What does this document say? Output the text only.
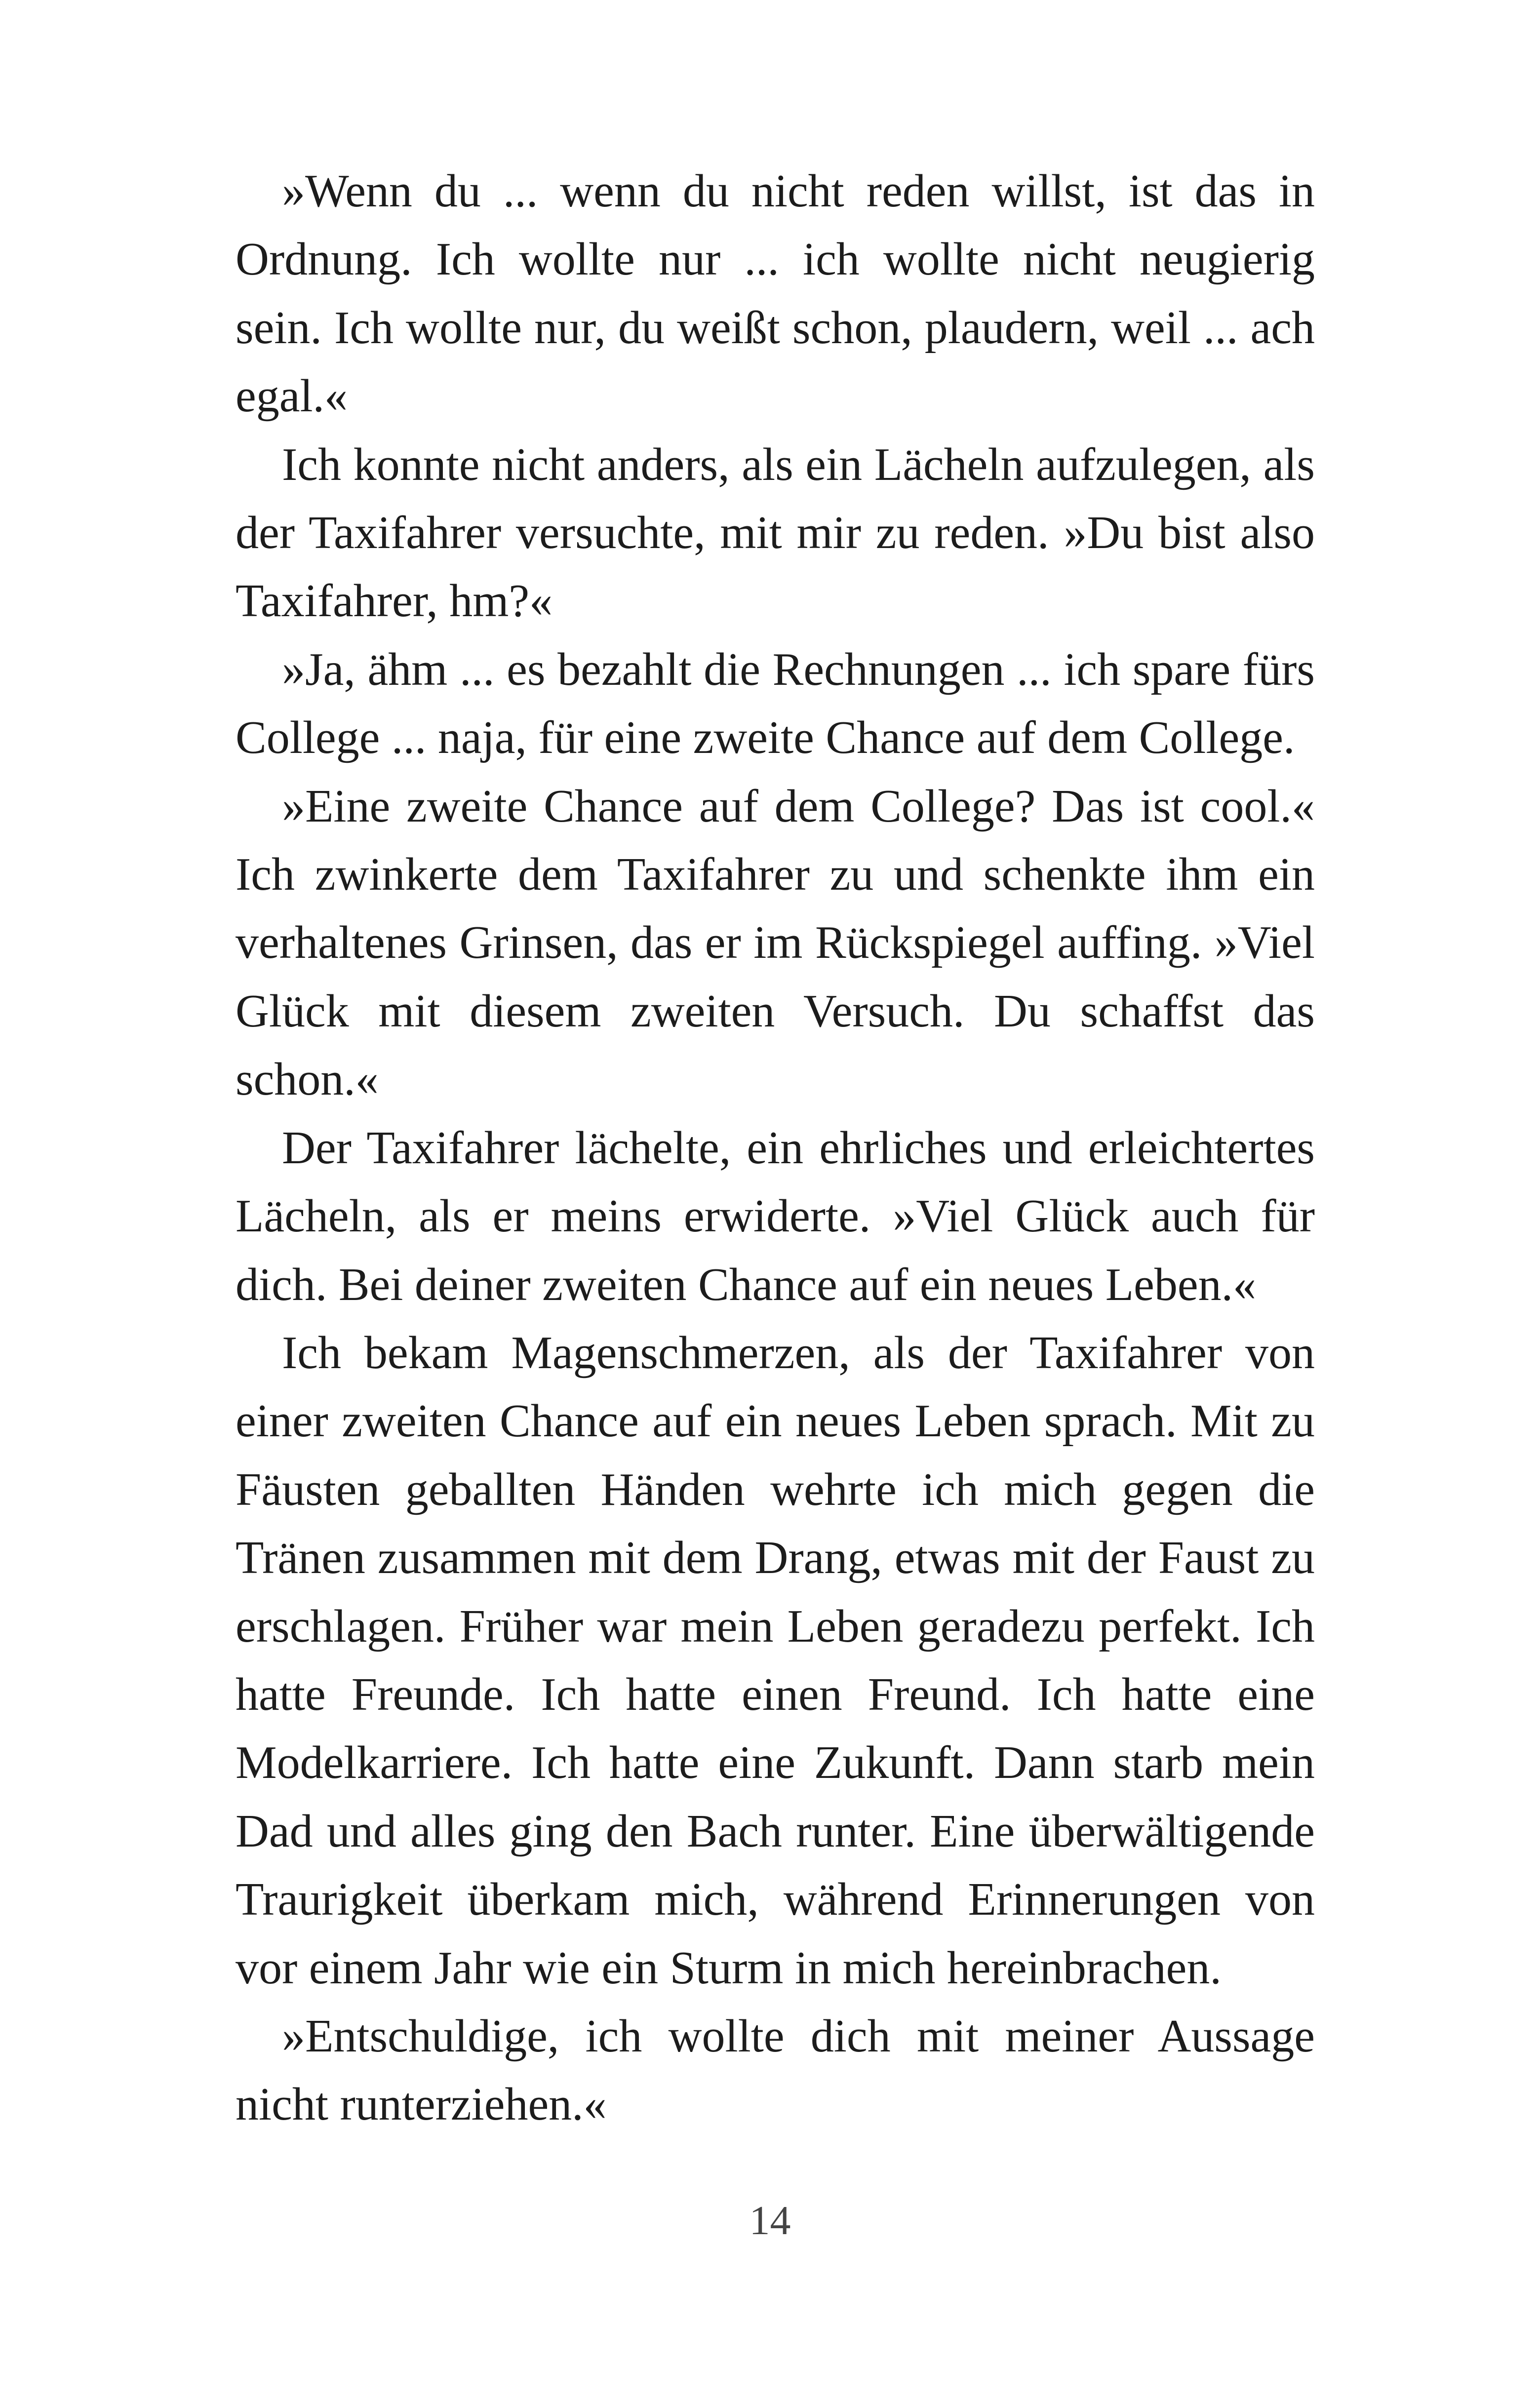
»Wenn du ... wenn du nicht reden willst, ist das in Ordnung. Ich wollte nur ... ich wollte nicht neugierig sein. Ich wollte nur, du weißt schon, plaudern, weil ... ach egal.«

Ich konnte nicht anders, als ein Lächeln aufzulegen, als der Taxifahrer versuchte, mit mir zu reden. »Du bist also Taxifahrer, hm?«

»Ja, ähm ... es bezahlt die Rechnungen ... ich spare fürs College ... naja, für eine zweite Chance auf dem College.

»Eine zweite Chance auf dem College? Das ist cool.« Ich zwinkerte dem Taxifahrer zu und schenkte ihm ein verhaltenes Grinsen, das er im Rückspiegel auffing. »Viel Glück mit diesem zweiten Versuch. Du schaffst das schon.«

Der Taxifahrer lächelte, ein ehrliches und erleichtertes Lächeln, als er meins erwiderte. »Viel Glück auch für dich. Bei deiner zweiten Chance auf ein neues Leben.«

Ich bekam Magenschmerzen, als der Taxifahrer von einer zweiten Chance auf ein neues Leben sprach. Mit zu Fäusten geballten Händen wehrte ich mich gegen die Tränen zusammen mit dem Drang, etwas mit der Faust zu erschlagen. Früher war mein Leben geradezu perfekt. Ich hatte Freunde. Ich hatte einen Freund. Ich hatte eine Modelkarriere. Ich hatte eine Zukunft. Dann starb mein Dad und alles ging den Bach runter. Eine überwältigende Traurigkeit überkam mich, während Erinnerungen von vor einem Jahr wie ein Sturm in mich hereinbrachen.

»Entschuldige, ich wollte dich mit meiner Aussage nicht runterziehen.«

14
